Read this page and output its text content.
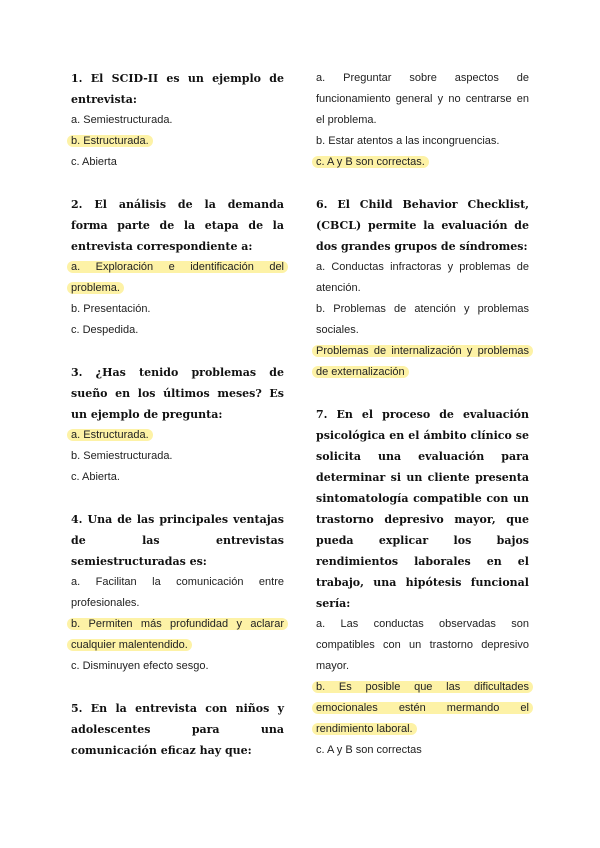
1. El SCID-II es un ejemplo de entrevista:

a. Semiestructurada.

b. Estructurada.

c. Abierta

2. El análisis de la demanda forma parte de la etapa de la entrevista correspondiente a:

a. Exploración e identificación del problema.

b. Presentación.

c. Despedida.

3. ¿Has tenido problemas de sueño en los últimos meses? Es un ejemplo de pregunta:

a. Estructurada.

b. Semiestructurada.

c. Abierta.

4. Una de las principales ventajas de las entrevistas semiestructuradas es:

a. Facilitan la comunicación entre profesionales.

b. Permiten más profundidad y aclarar cualquier malentendido.

c. Disminuyen efecto sesgo.

5. En la entrevista con niños y adolescentes para una comunicación eficaz hay que:

a. Preguntar sobre aspectos de funcionamiento general y no centrarse en el problema.

b. Estar atentos a las incongruencias.

c. A y B son correctas.

6. El Child Behavior Checklist, (CBCL) permite la evaluación de dos grandes grupos de síndromes:

a. Conductas infractoras y problemas de atención.

b. Problemas de atención y problemas sociales.

Problemas de internalización y problemas de externalización

7. En el proceso de evaluación psicológica en el ámbito clínico se solicita una evaluación para determinar si un cliente presenta sintomatología compatible con un trastorno depresivo mayor, que pueda explicar los bajos rendimientos laborales en el trabajo, una hipótesis funcional sería:

a. Las conductas observadas son compatibles con un trastorno depresivo mayor.

b. Es posible que las dificultades emocionales estén mermando el rendimiento laboral.

c. A y B son correctas
